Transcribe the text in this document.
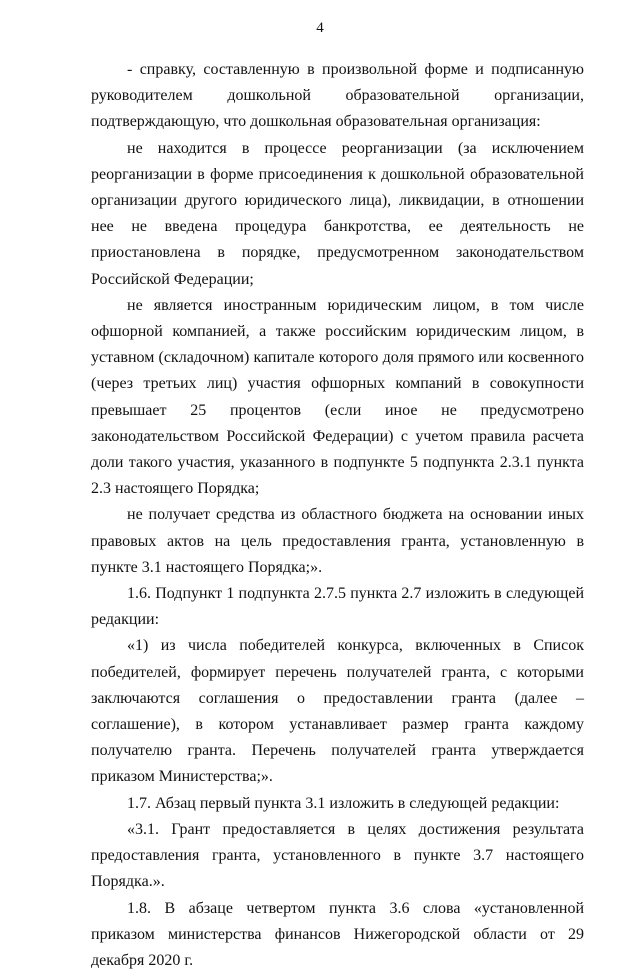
4

- справку, составленную в произвольной форме и подписанную руководителем дошкольной образовательной организации, подтверждающую, что дошкольная образовательная организация:

не находится в процессе реорганизации (за исключением реорганизации в форме присоединения к дошкольной образовательной организации другого юридического лица), ликвидации, в отношении нее не введена процедура банкротства, ее деятельность не приостановлена в порядке, предусмотренном законодательством Российской Федерации;

не является иностранным юридическим лицом, в том числе офшорной компанией, а также российским юридическим лицом, в уставном (складочном) капитале которого доля прямого или косвенного (через третьих лиц) участия офшорных компаний в совокупности превышает 25 процентов (если иное не предусмотрено законодательством Российской Федерации) с учетом правила расчета доли такого участия, указанного в подпункте 5 подпункта 2.3.1 пункта 2.3 настоящего Порядка;

не получает средства из областного бюджета на основании иных правовых актов на цель предоставления гранта, установленную в пункте 3.1 настоящего Порядка;».

1.6. Подпункт 1 подпункта 2.7.5 пункта 2.7 изложить в следующей редакции:

«1) из числа победителей конкурса, включенных в Список победителей, формирует перечень получателей гранта, с которыми заключаются соглашения о предоставлении гранта (далее – соглашение), в котором устанавливает размер гранта каждому получателю гранта. Перечень получателей гранта утверждается приказом Министерства;».

1.7. Абзац первый пункта 3.1 изложить в следующей редакции:

«3.1. Грант предоставляется в целях достижения результата предоставления гранта, установленного в пункте 3.7 настоящего Порядка.».

1.8. В абзаце четвертом пункта 3.6 слова «установленной приказом министерства финансов Нижегородской области от 29 декабря 2020 г.
